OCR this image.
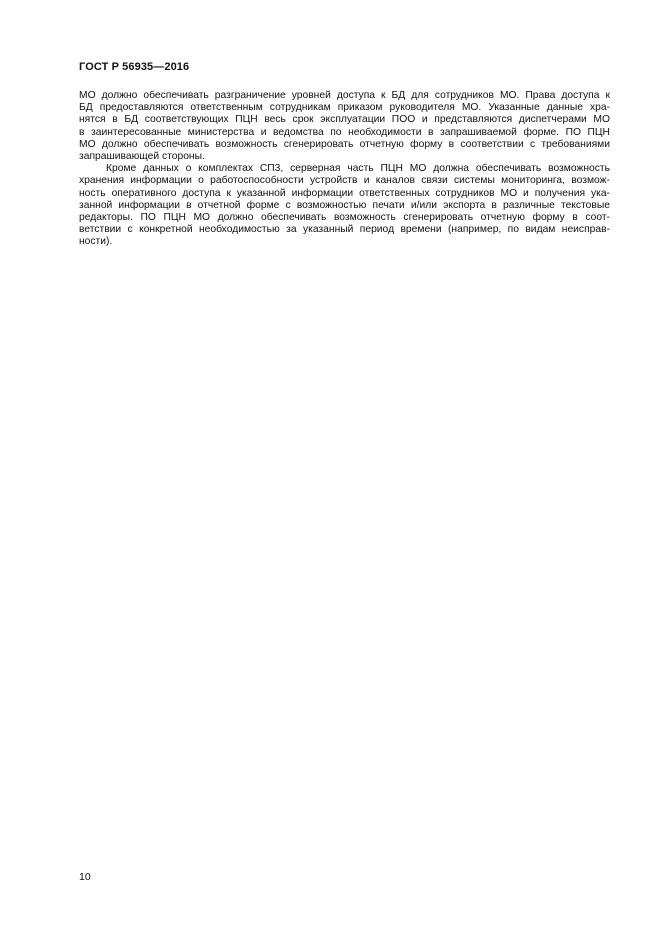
ГОСТ Р 56935—2016
МО должно обеспечивать разграничение уровней доступа к БД для сотрудников МО. Права доступа к
БД предоставляются ответственным сотрудникам приказом руководителя МО. Указанные данные хра-
нятся в БД соответствующих ПЦН весь срок эксплуатации ПОО и представляются диспетчерами МО
в заинтересованные министерства и ведомства по необходимости в запрашиваемой форме. ПО ПЦН
МО должно обеспечивать возможность сгенерировать отчетную форму в соответствии с требованиями
запрашивающей стороны.
Кроме данных о комплектах СП3, серверная часть ПЦН МО должна обеспечивать возможность
хранения информации о работоспособности устройств и каналов связи системы мониторинга, возмож-
ность оперативного доступа к указанной информации ответственных сотрудников МО и получения ука-
занной информации в отчетной форме с возможностью печати и/или экспорта в различные текстовые
редакторы. ПО ПЦН МО должно обеспечивать возможность сгенерировать отчетную форму в соот-
ветствии с конкретной необходимостью за указанный период времени (например, по видам неисправ-
ности).
10
